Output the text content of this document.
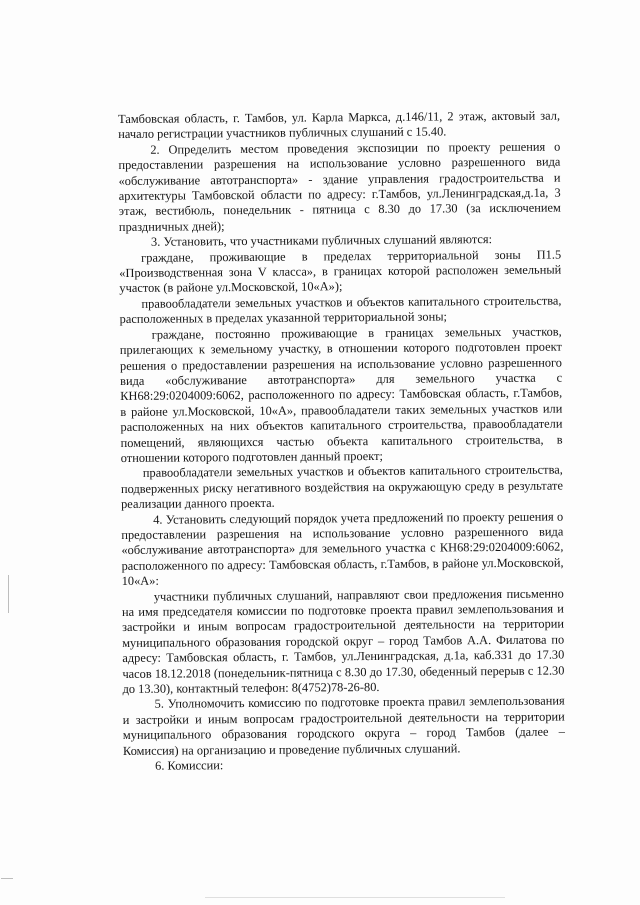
Тамбовская область, г. Тамбов, ул. Карла Маркса, д.146/11, 2 этаж, актовый зал, начало регистрации участников публичных слушаний с 15.40.

2. Определить местом проведения экспозиции по проекту решения о предоставлении разрешения на использование условно разрешенного вида «обслуживание автотранспорта» - здание управления градостроительства и архитектуры Тамбовской области по адресу: г.Тамбов, ул.Ленинградская,д.1а, 3 этаж, вестибюль, понедельник - пятница с 8.30 до 17.30 (за исключением праздничных дней);

3. Установить, что участниками публичных слушаний являются:

граждане, проживающие в пределах территориальной зоны П1.5 «Производственная зона V класса», в границах которой расположен земельный участок (в районе ул.Московской, 10«А»);

правообладатели земельных участков и объектов капитального строительства, расположенных в пределах указанной территориальной зоны;

граждане, постоянно проживающие в границах земельных участков, прилегающих к земельному участку, в отношении которого подготовлен проект решения о предоставлении разрешения на использование условно разрешенного вида «обслуживание автотранспорта» для земельного участка с КН68:29:0204009:6062, расположенного по адресу: Тамбовская область, г.Тамбов, в районе ул.Московской, 10«А», правообладатели таких земельных участков или расположенных на них объектов капитального строительства, правообладатели помещений, являющихся частью объекта капитального строительства, в отношении которого подготовлен данный проект;

правообладатели земельных участков и объектов капитального строительства, подверженных риску негативного воздействия на окружающую среду в результате реализации данного проекта.

4. Установить следующий порядок учета предложений по проекту решения о предоставлении разрешения на использование условно разрешенного вида «обслуживание автотранспорта» для земельного участка с КН68:29:0204009:6062, расположенного по адресу: Тамбовская область, г.Тамбов, в районе ул.Московской, 10«А»:

участники публичных слушаний, направляют свои предложения письменно на имя председателя комиссии по подготовке проекта правил землепользования и застройки и иным вопросам градостроительной деятельности на территории муниципального образования городской округ – город Тамбов А.А. Филатова по адресу: Тамбовская область, г. Тамбов, ул.Ленинградская, д.1а, каб.331 до 17.30 часов 18.12.2018 (понедельник-пятница с 8.30 до 17.30, обеденный перерыв с 12.30 до 13.30), контактный телефон: 8(4752)78-26-80.

5. Уполномочить комиссию по подготовке проекта правил землепользования и застройки и иным вопросам градостроительной деятельности на территории муниципального образования городского округа – город Тамбов (далее – Комиссия) на организацию и проведение публичных слушаний.

6. Комиссии:
